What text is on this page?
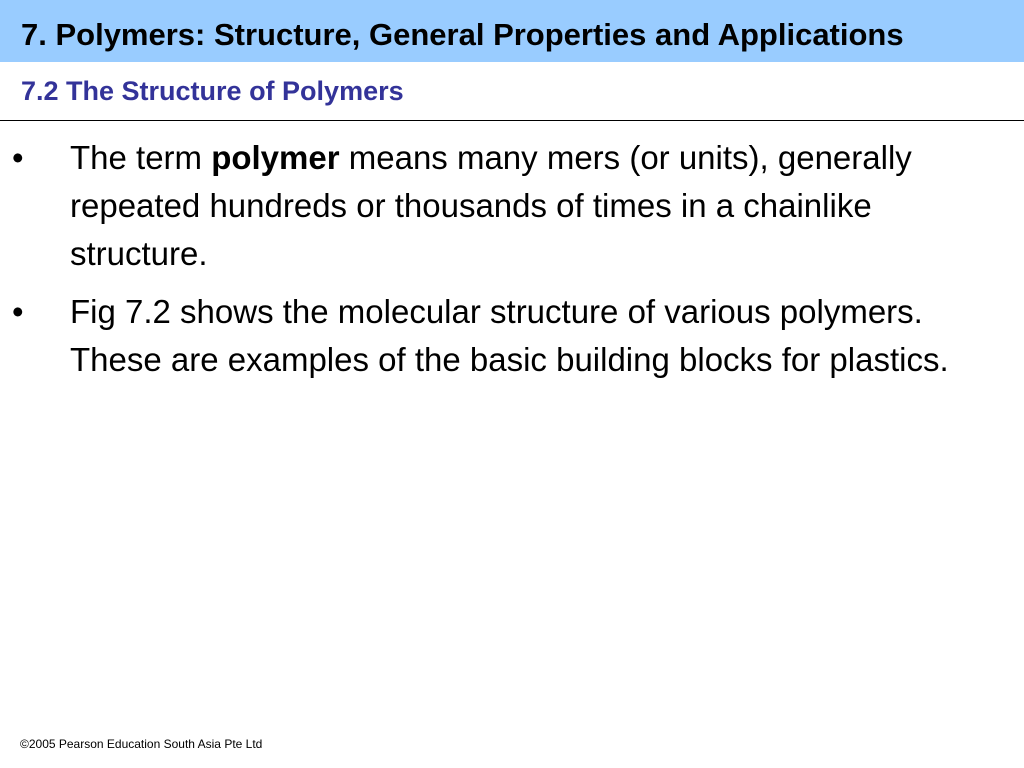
7. Polymers: Structure, General Properties and Applications
7.2 The Structure of Polymers
• The term polymer means many mers (or units), generally repeated hundreds or thousands of times in a chainlike structure.
• Fig 7.2 shows the molecular structure of various polymers. These are examples of the basic building blocks for plastics.
©2005 Pearson Education South Asia Pte Ltd
